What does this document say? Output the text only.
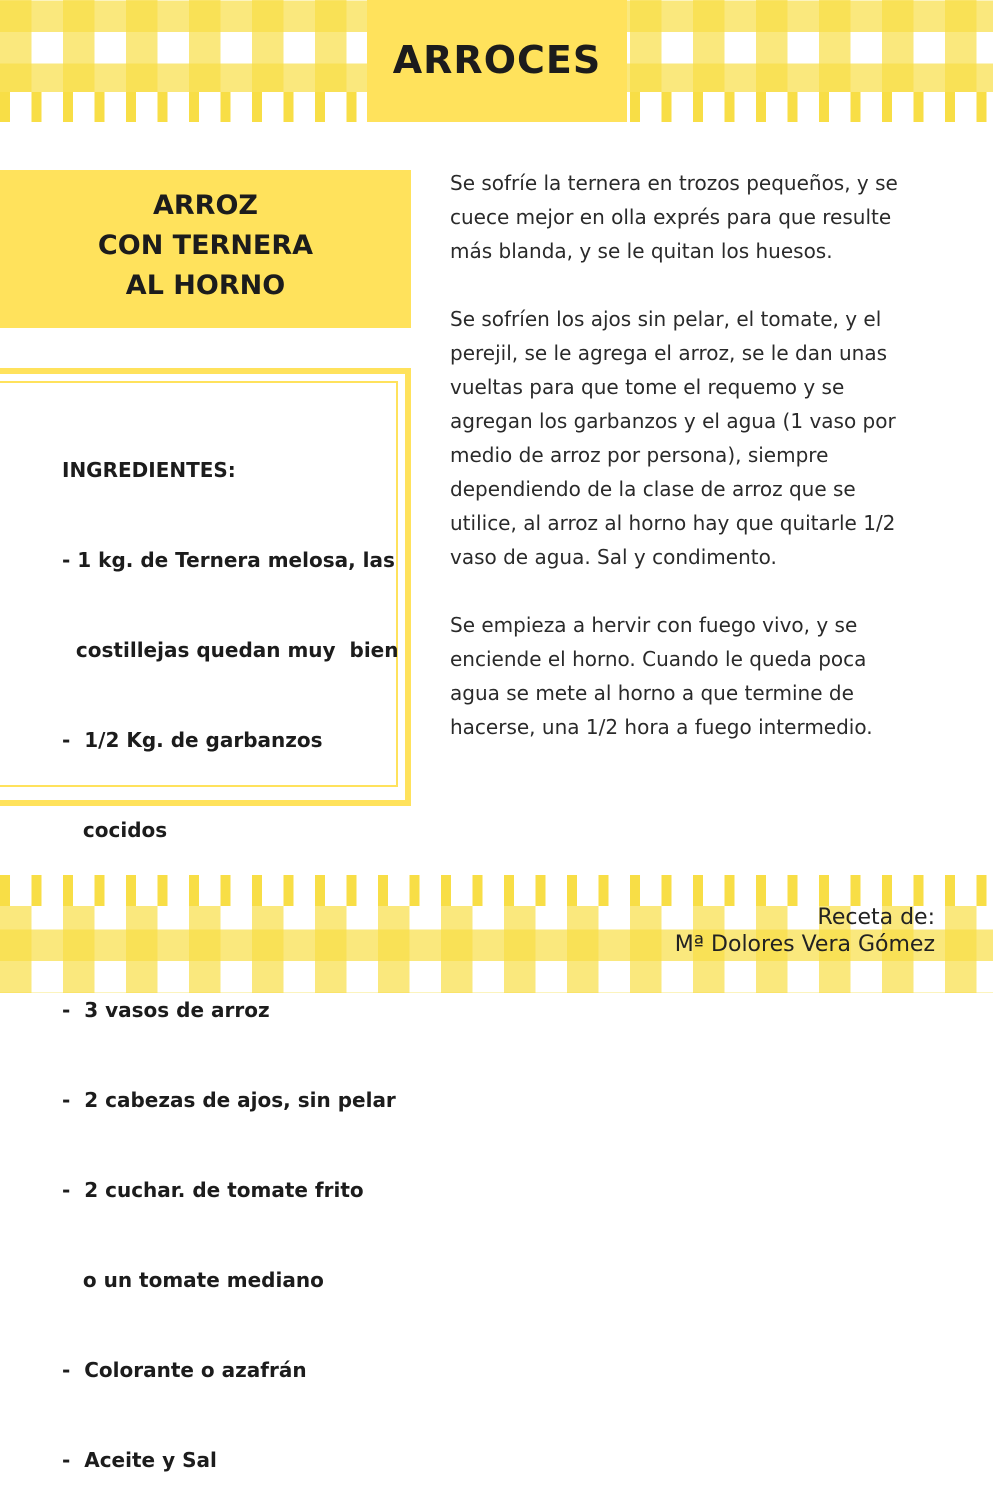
ARROCES
ARROZ
CON TERNERA
AL HORNO

INGREDIENTES:

- 1 kg. de Ternera melosa, las

costillejas quedan muy  bien

-  1/2 Kg. de garbanzos

cocidos

-  3 vasos de arroz

-  2 cabezas de ajos, sin pelar

-  2 cuchar. de tomate frito

o un tomate mediano

-  Colorante o azafrán

-  Aceite y Sal

Se sofríe la ternera en trozos pequeños, y se
cuece mejor en olla exprés para que resulte
más blanda, y se le quitan los huesos.

Se sofríen los ajos sin pelar, el tomate, y el
perejil, se le agrega el arroz, se le dan unas
vueltas para que tome el requemo y se
agregan los garbanzos y el agua (1 vaso por
medio de arroz por persona), siempre
dependiendo de la clase de arroz que se
utilice, al arroz al horno hay que quitarle 1/2
vaso de agua. Sal y condimento.

Se empieza a hervir con fuego vivo, y se
enciende el horno. Cuando le queda poca
agua se mete al horno a que termine de
hacerse, una 1/2 hora a fuego intermedio.

Receta de:
Mª Dolores Vera Gómez
